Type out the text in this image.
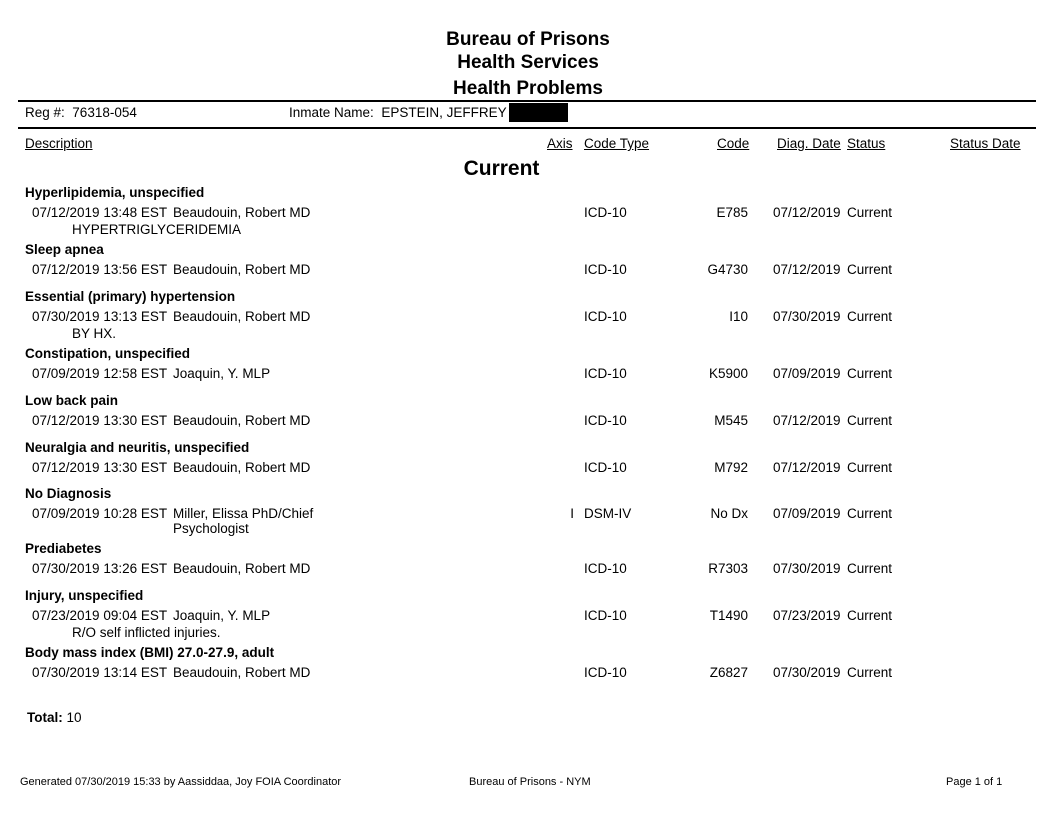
Bureau of Prisons
Health Services
Health Problems
Reg #: 76318-054	Inmate Name: EPSTEIN, JEFFREY
Description	Axis Code Type	Code Diag. Date Status	Status Date
Current
Hyperlipidemia, unspecified
07/12/2019 13:48 EST Beaudouin, Robert MD
HYPERTRIGLYCERIDEMIA
ICD-10	E785 07/12/2019 Current
Sleep apnea
07/12/2019 13:56 EST Beaudouin, Robert MD	ICD-10	G4730 07/12/2019 Current
Essential (primary) hypertension
07/30/2019 13:13 EST Beaudouin, Robert MD
BY HX.
ICD-10	I10 07/30/2019 Current
Constipation, unspecified
07/09/2019 12:58 EST Joaquin, Y. MLP	ICD-10	K5900 07/09/2019 Current
Low back pain
07/12/2019 13:30 EST Beaudouin, Robert MD	ICD-10	M545 07/12/2019 Current
Neuralgia and neuritis, unspecified
07/12/2019 13:30 EST Beaudouin, Robert MD	ICD-10	M792 07/12/2019 Current
No Diagnosis
07/09/2019 10:28 EST Miller, Elissa PhD/Chief
Psychologist
I DSM-IV	No Dx 07/09/2019 Current
Prediabetes
07/30/2019 13:26 EST Beaudouin, Robert MD	ICD-10	R7303 07/30/2019 Current
Injury, unspecified
07/23/2019 09:04 EST Joaquin, Y. MLP
R/O self inflicted injuries.
ICD-10	T1490 07/23/2019 Current
Body mass index (BMI) 27.0-27.9, adult
07/30/2019 13:14 EST Beaudouin, Robert MD	ICD-10	Z6827 07/30/2019 Current
Total: 10
Generated 07/30/2019 15:33 by Aassiddaa, Joy FOIA Coordinator	Bureau of Prisons - NYM	Page 1 of 1
